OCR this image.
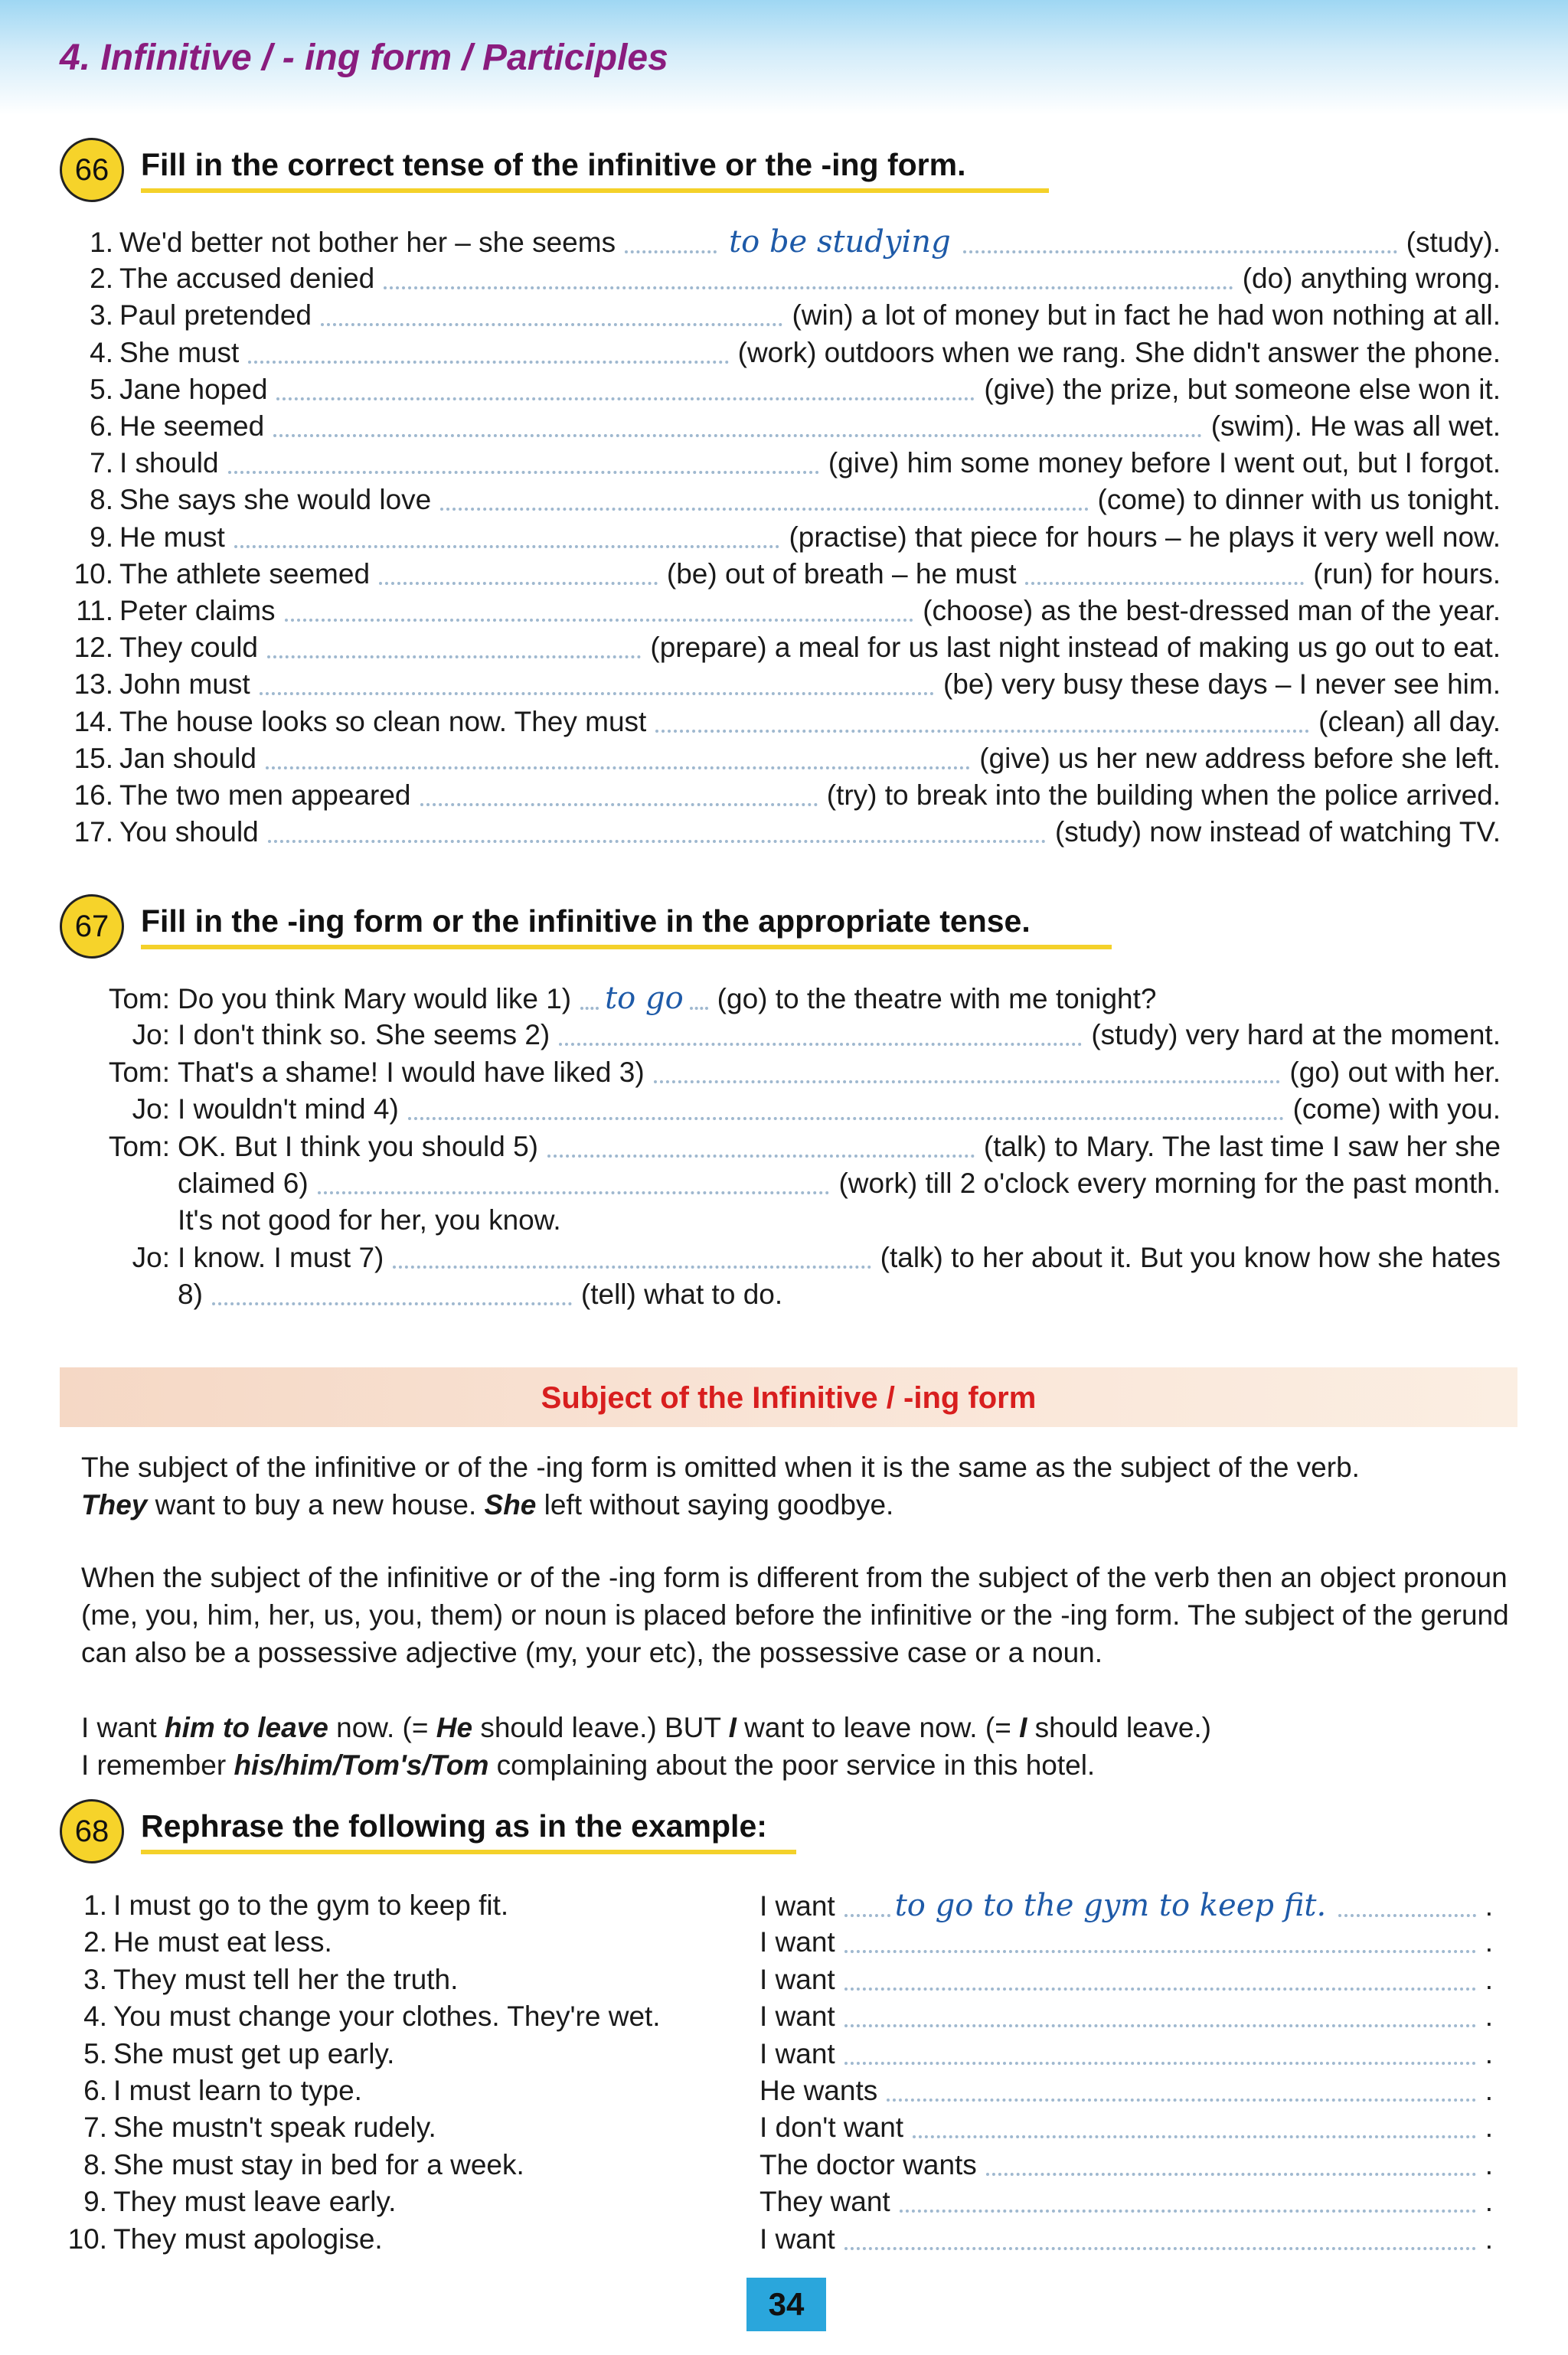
4. Infinitive / - ing form / Participles
66	Fill in the correct tense of the infinitive or the -ing form.
1. We'd better not bother her – she seems	to be studying	(study).
2. The accused denied	(do) anything wrong.
3. Paul pretended	(win) a lot of money but in fact he had won nothing at all.
4. She must	(work) outdoors when we rang. She didn't answer the phone.
5. Jane hoped	(give) the prize, but someone else won it.
6. He seemed	(swim). He was all wet.
7. I should	(give) him some money before I went out, but I forgot.
8. She says she would love	(come) to dinner with us tonight.
9. He must	(practise) that piece for hours – he plays it very well now.
10. The athlete seemed	(be) out of breath – he must	(run) for hours.
11. Peter claims	(choose) as the best-dressed man of the year.
12. They could	(prepare) a meal for us last night instead of making us go out to eat.
13. John must	(be) very busy these days – I never see him.
14. The house looks so clean now. They must	(clean) all day.
15. Jan should	(give) us her new address before she left.
16. The two men appeared	(try) to break into the building when the police arrived.
17. You should	(study) now instead of watching TV.
67	Fill in the -ing form or the infinitive in the appropriate tense.
Tom: Do you think Mary would like 1) to go (go) to the theatre with me tonight?
Jo: I don't think so. She seems 2)	(study) very hard at the moment.
Tom: That's a shame! I would have liked 3)	(go) out with her.
Jo: I wouldn't mind 4)	(come) with you.
Tom: OK. But I think you should 5)	(talk) to Mary. The last time I saw her she
claimed 6)	(work) till 2 o'clock every morning for the past month.
It's not good for her, you know.
Jo: I know. I must 7)	(talk) to her about it. But you know how she hates
8)	(tell) what to do.
Subject of the Infinitive / -ing form
The subject of the infinitive or of the -ing form is omitted when it is the same as the subject of the verb.
They want to buy a new house. She left without saying goodbye.
When the subject of the infinitive or of the -ing form is different from the subject of the verb then an object pronoun (me, you, him, her, us, you, them) or noun is placed before the infinitive or the -ing form. The subject of the gerund can also be a possessive adjective (my, your etc), the possessive case or a noun.
I want him to leave now. (= He should leave.) BUT I want to leave now. (= I should leave.)
I remember his/him/Tom's/Tom complaining about the poor service in this hotel.
68	Rephrase the following as in the example:
1. I must go to the gym to keep fit.	I want to go to the gym to keep fit.	.
2. He must eat less.	I want	.
3. They must tell her the truth.	I want	.
4. You must change your clothes. They're wet.	I want	.
5. She must get up early.	I want	.
6. I must learn to type.	He wants	.
7. She mustn't speak rudely.	I don't want	.
8. She must stay in bed for a week.	The doctor wants	.
9. They must leave early.	They want	.
10. They must apologise.	I want	.
34
